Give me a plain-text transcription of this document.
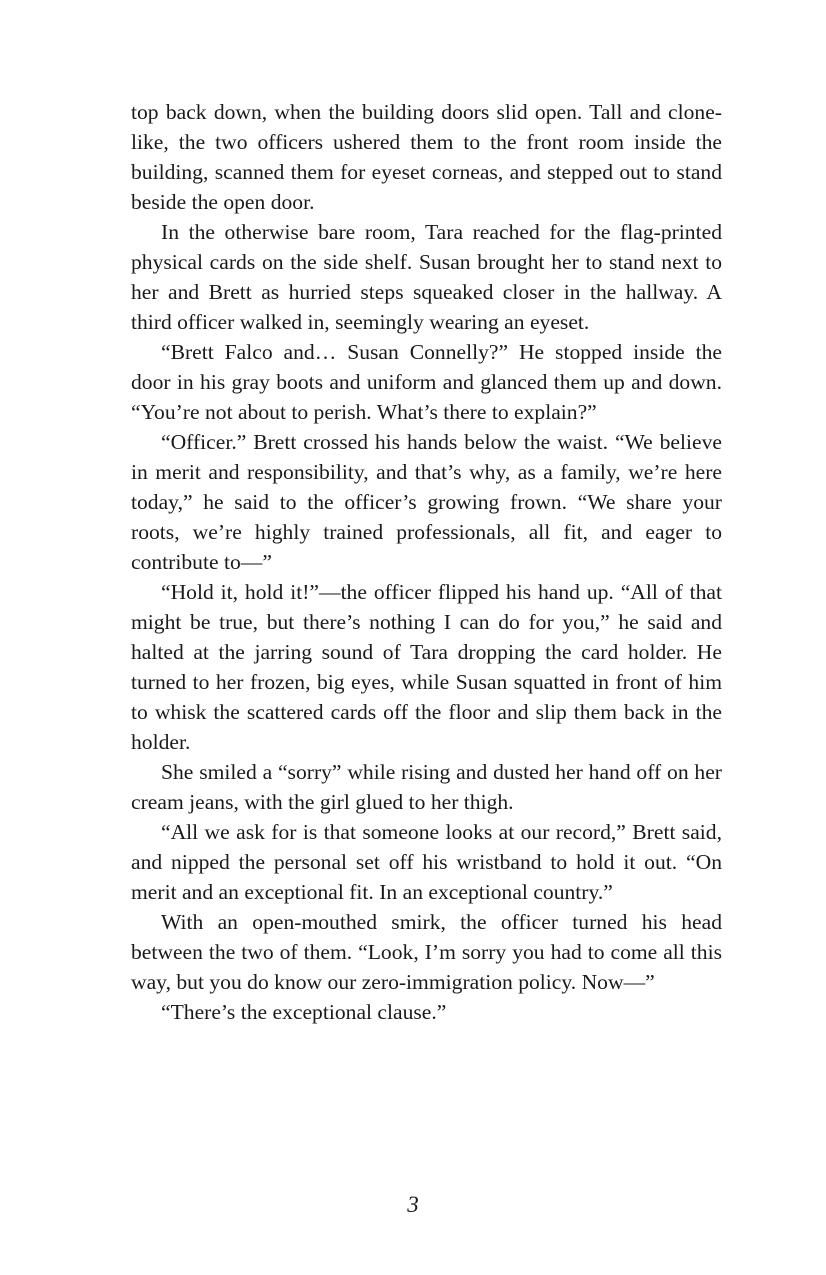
top back down, when the building doors slid open. Tall and clone-like, the two officers ushered them to the front room inside the building, scanned them for eyeset corneas, and stepped out to stand beside the open door.

In the otherwise bare room, Tara reached for the flag-printed physical cards on the side shelf. Susan brought her to stand next to her and Brett as hurried steps squeaked closer in the hallway. A third officer walked in, seemingly wearing an eyeset.

“Brett Falco and… Susan Connelly?” He stopped inside the door in his gray boots and uniform and glanced them up and down. “You’re not about to perish. What’s there to explain?”

“Officer.” Brett crossed his hands below the waist. “We believe in merit and responsibility, and that’s why, as a family, we’re here today,” he said to the officer’s growing frown. “We share your roots, we’re highly trained professionals, all fit, and eager to contribute to—”

“Hold it, hold it!”—the officer flipped his hand up. “All of that might be true, but there’s nothing I can do for you,” he said and halted at the jarring sound of Tara dropping the card holder. He turned to her frozen, big eyes, while Susan squatted in front of him to whisk the scattered cards off the floor and slip them back in the holder.

She smiled a “sorry” while rising and dusted her hand off on her cream jeans, with the girl glued to her thigh.

“All we ask for is that someone looks at our record,” Brett said, and nipped the personal set off his wristband to hold it out. “On merit and an exceptional fit. In an exceptional country.”

With an open-mouthed smirk, the officer turned his head between the two of them. “Look, I’m sorry you had to come all this way, but you do know our zero-immigration policy. Now—”

“There’s the exceptional clause.”

3
